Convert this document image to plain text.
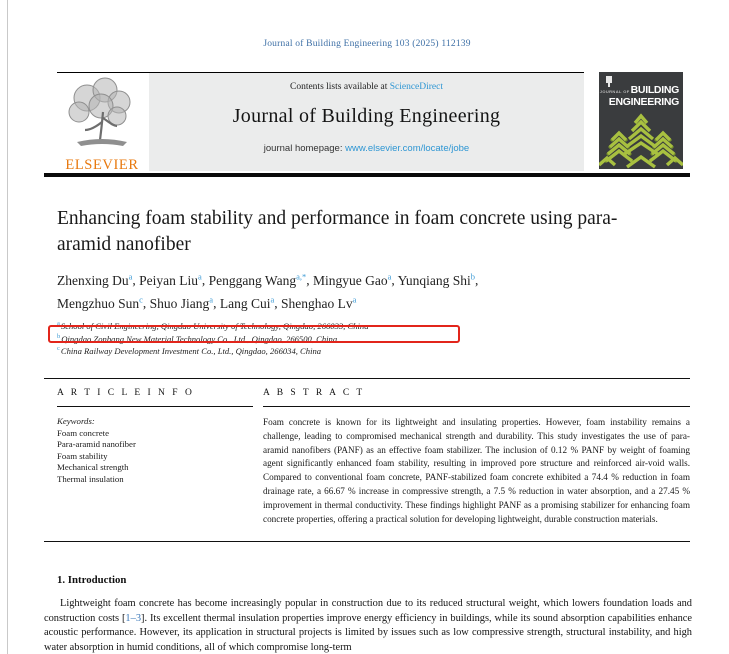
Journal of Building Engineering 103 (2025) 112139
ELSEVIER
Contents lists available at ScienceDirect
Journal of Building Engineering
journal homepage: www.elsevier.com/locate/jobe
JOURNAL OFBUILDING
ENGINEERING
Enhancing foam stability and performance in foam concrete using para-aramid nanofiber
Zhenxing Du$^a$, Peiyan Liu$^a$, Penggang Wang$^{a,*}$, Mingyue Gao$^a$, Yunqiang Shi$^b$,
Mengzhuo Sun$^c$, Shuo Jiang$^a$, Lang Cui$^a$, Shenghao Lv$^a$
$^a$School of Civil Engineering, Qingdao University of Technology, Qingdao, 266033, China
$^b$Qingdao Zonbang New Material Technology Co., Ltd., Qingdao, 266500, China
$^c$China Railway Development Investment Co., Ltd., Qingdao, 266034, China
A R T I C L E I N F O
Keywords:
Foam concrete
Para-aramid nanofiber
Foam stability
Mechanical strength
Thermal insulation
A B S T R A C T
Foam concrete is known for its lightweight and insulating properties. However, foam instability remains a challenge, leading to compromised mechanical strength and durability. This study investigates the use of para-aramid nanofibers (PANF) as an effective foam stabilizer. The inclusion of 0.12 % PANF by weight of foaming agent significantly enhanced foam stability, resulting in improved pore structure and reinforced air-void walls. Compared to conventional foam concrete, PANF-stabilized foam concrete exhibited a 74.4 % reduction in foam drainage rate, a 66.67 % increase in compressive strength, a 7.5 % reduction in water absorption, and a 27.45 % improvement in thermal conductivity. These findings highlight PANF as a promising stabilizer for enhancing foam concrete properties, offering a practical solution for developing lightweight, durable construction materials.
1. Introduction
Lightweight foam concrete has become increasingly popular in construction due to its reduced structural weight, which lowers foundation loads and construction costs [1–3]. Its excellent thermal insulation properties improve energy efficiency in buildings, while its sound absorption capabilities enhance acoustic performance. However, its application in structural projects is limited by issues such as low compressive strength, structural instability, and high water absorption in humid conditions, all of which compromise long-term
